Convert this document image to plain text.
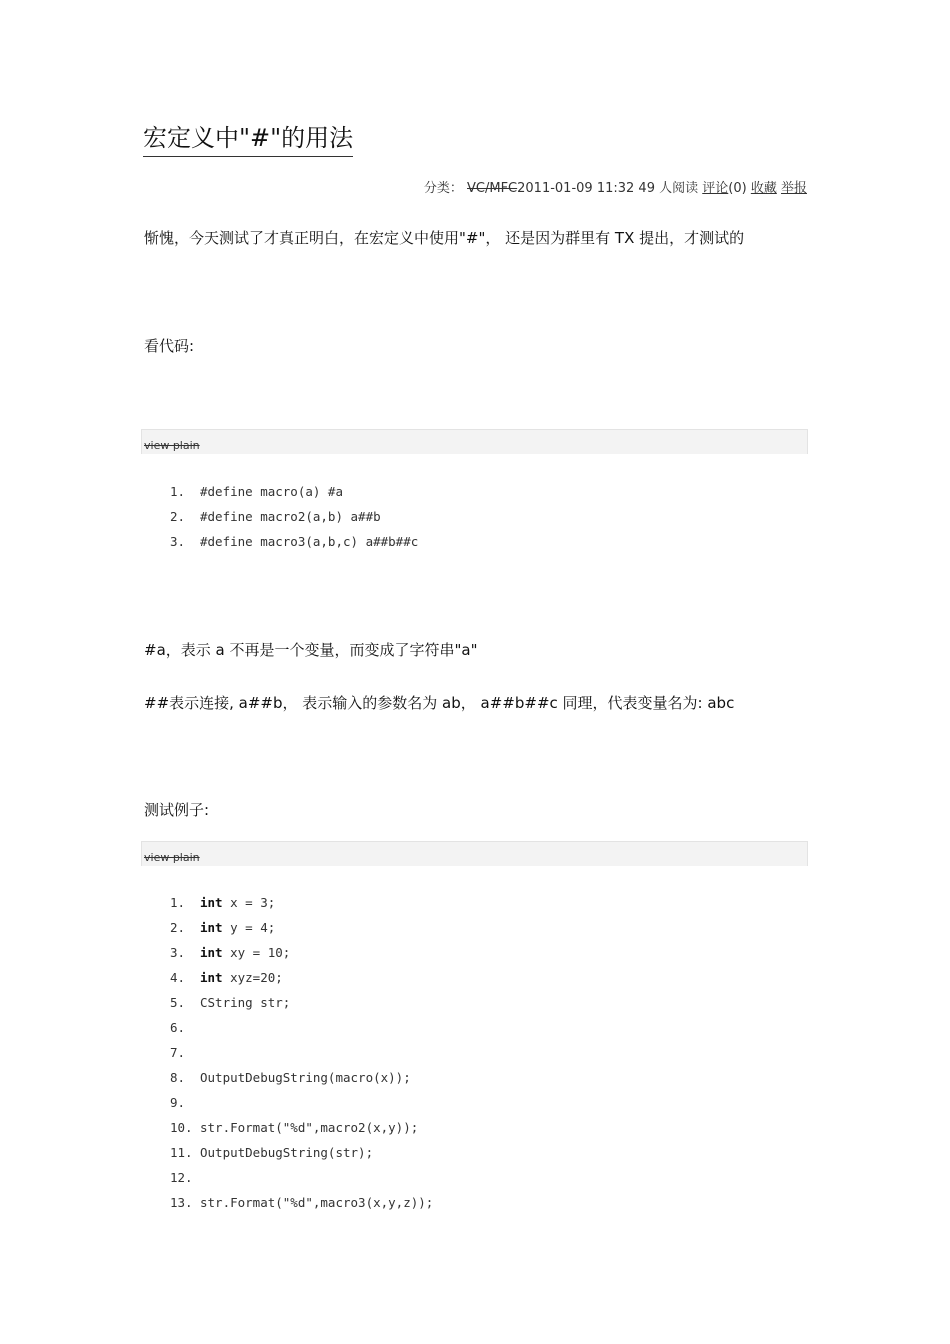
宏定义中"#"的用法
分类： VC/MFC2011-01-09 11:32 49 人阅读 评论(0) 收藏 举报
惭愧，今天测试了才真正明白，在宏定义中使用"#"， 还是因为群里有 TX 提出，才测试的
看代码:
view plain
1.	#define macro(a) #a
2.	#define macro2(a,b) a##b
3.	#define macro3(a,b,c) a##b##c
#a，表示 a 不再是一个变量，而变成了字符串"a"
##表示连接, a##b， 表示输入的参数名为 ab， a##b##c 同理，代表变量名为: abc
测试例子:
view plain
1.	int x = 3;
2.	int y = 4;
3.	int xy = 10;
4.	int xyz=20;
5.	CString str;
6.
7.
8.	OutputDebugString(macro(x));
9.
10. str.Format("%d",macro2(x,y));
11. OutputDebugString(str);
12.
13. str.Format("%d",macro3(x,y,z));
